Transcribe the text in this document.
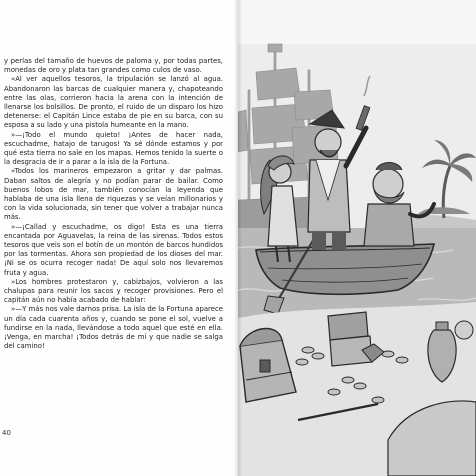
y perlas del tamaño de huevos de paloma y, por todas partes, monedas de oro y plata tan grandes como culos de vaso.

«Al ver aquellos tesoros, la tripulación se lanzó al agua. Abandonaron las barcas de cualquier manera y, chapoteando entre las olas, corrieron hacia la arena con la intención de llenarse los bolsillos. De pronto, el ruido de un disparo los hizo detenerse: el Capitán Lince estaba de pie en su barca, con su esposa a su lado y una pistola humeante en la mano.

»—¡Todo el mundo quieto! ¡Antes de hacer nada, escuchadme, hatajo de tarugos! Ya sé dónde estamos y por qué esta tierra no sale en los mapas. Hemos tenido la suerte o la desgracia de ir a parar a la isla de la Fortuna.

»Todos los marineros empezaron a gritar y dar palmas. Daban saltos de alegría y no podían parar de bailar. Como buenos lobos de mar, también conocían la leyenda que hablaba de una isla llena de riquezas y se veían millonarios y con la vida solucionada, sin tener que volver a trabajar nunca más.

»—¡Callad y escuchadme, os digo! Esta es una tierra encantada por Aguavelas, la reina de las sirenas. Todos estos tesoros que veis son el botín de un montón de barcos hundidos por las tormentas. Ahora son propiedad de los dioses del mar. ¡Ni se os ocurra recoger nada! De aquí solo nos llevaremos fruta y agua.

»Los hombres protestaron y, cabizbajos, volvieron a las chalupas para reunir los sacos y recoger provisiones. Pero el capitán aún no había acabado de hablar:

»—Y más nos vale darnos prisa. La isla de la Fortuna aparece un día cada cuarenta años y, cuando se pone el sol, vuelve a fundirse en la nada, llevándose a todo aquel que esté en ella. ¡Venga, en marcha! ¡Todos detrás de mí y que nadie se salga del camino!

40
